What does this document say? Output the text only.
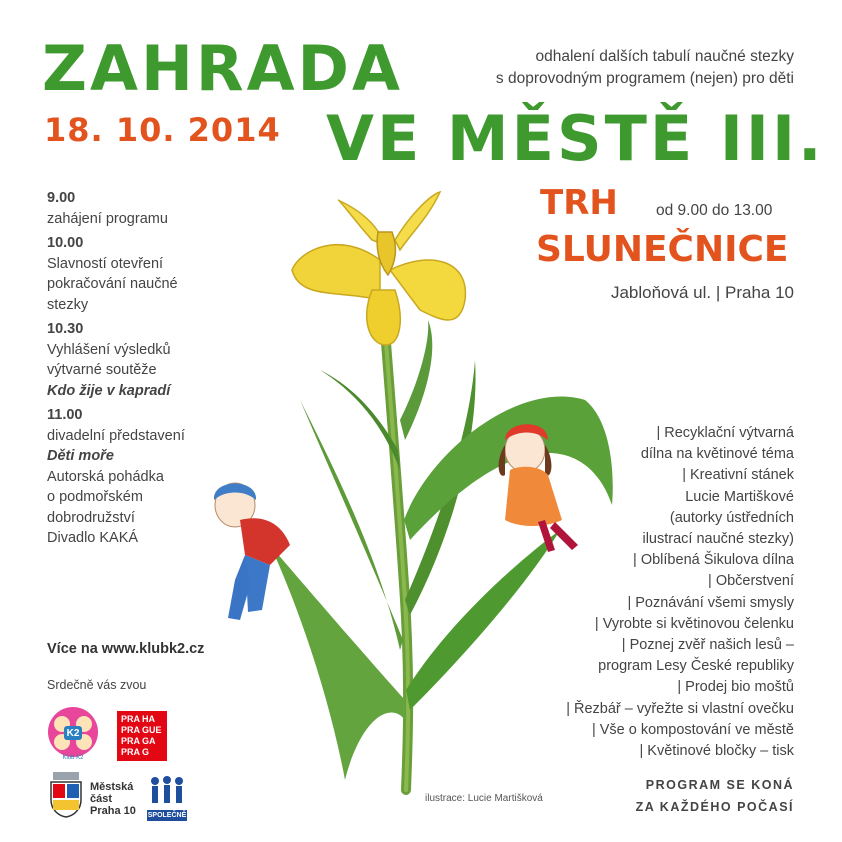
ZAHRADA
VE MĚSTĚ III.
18. 10. 2014
odhalení dalších tabulí naučné stezky
s doprovodným programem (nejen) pro děti
TRH
SLUNEČNICE
od 9.00 do 13.00
Jabloňová ul. | Praha 10
9.00
zahájení programu
10.00
Slavností otevření
pokračování naučné
stezky
10.30
Vyhlášení výsledků
výtvarné soutěže
Kdo žije v kapradí
11.00
divadelní představení
Děti moře
Autorská pohádka
o podmořském
dobrodružství
Divadlo KAKÁ
Více na www.klubk2.cz
Srdečně vás zvou
| Recyklační výtvarná
dílna na květinové téma
| Kreativní stánek
Lucie Martiškové
(autorky ústředních
ilustrací naučné stezky)
| Oblíbená Šikulova dílna
| Občerstvení
| Poznávání všemi smysly
| Vyrobte si květinovou čelenku
| Poznej zvěř našich lesů –
program Lesy České republiky
| Prodej bio moštů
| Řezbář – vyřežte si vlastní ovečku
| Vše o kompostování ve městě
| Květinové bločky – tisk
PROGRAM SE KONÁ
ZA KAŽDÉHO POČASÍ
ilustrace: Lucie Martišková
K2
Klub K2
PRA HA
PRA GUE
PRA GA
PRA G
Městská
část
Praha 10 SPOLEČNĚ
